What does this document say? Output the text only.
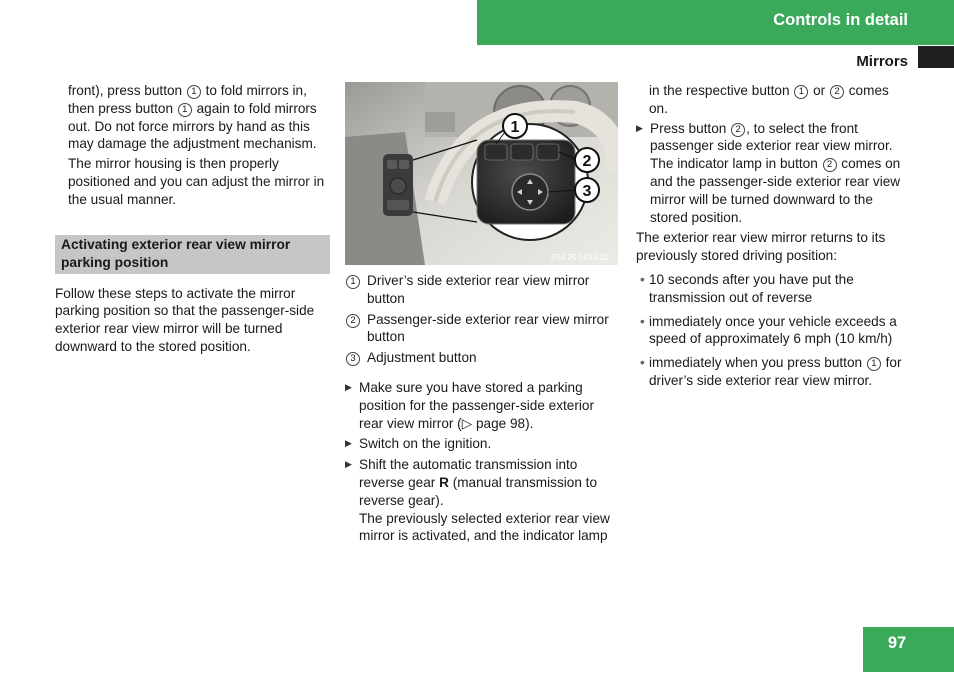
Controls in detail
Mirrors

front), press button 1 to fold mirrors in, then press button 1 again to fold mirrors out. Do not force mirrors by hand as this may damage the adjustment mechanism.

The mirror housing is then properly positioned and you can adjust the mirror in the usual manner.

Activating exterior rear view mirror parking position

Follow these steps to activate the mirror parking position so that the passenger-side exterior rear view mirror will be turned downward to the stored position.

1
2
3
P54.25-5433-31
1 Driver’s side exterior rear view mirror button
2 Passenger-side exterior rear view mirror button
3 Adjustment button
▶ Make sure you have stored a parking position for the passenger-side exterior rear view mirror (▷ page 98).
▶ Switch on the ignition.
▶ Shift the automatic transmission into reverse gear R (manual transmission to reverse gear).
The previously selected exterior rear view mirror is activated, and the indicator lamp

in the respective button 1 or 2 comes on.

▶ Press button 2 , to select the front passenger side exterior rear view mirror.
The indicator lamp in button 2 comes on and the passenger-side exterior rear view mirror will be turned downward to the stored position.

The exterior rear view mirror returns to its previously stored driving position:

• 10 seconds after you have put the transmission out of reverse
• immediately once your vehicle exceeds a speed of approximately 6 mph (10 km/h)
• immediately when you press button 1 for driver’s side exterior rear view mirror.
97
